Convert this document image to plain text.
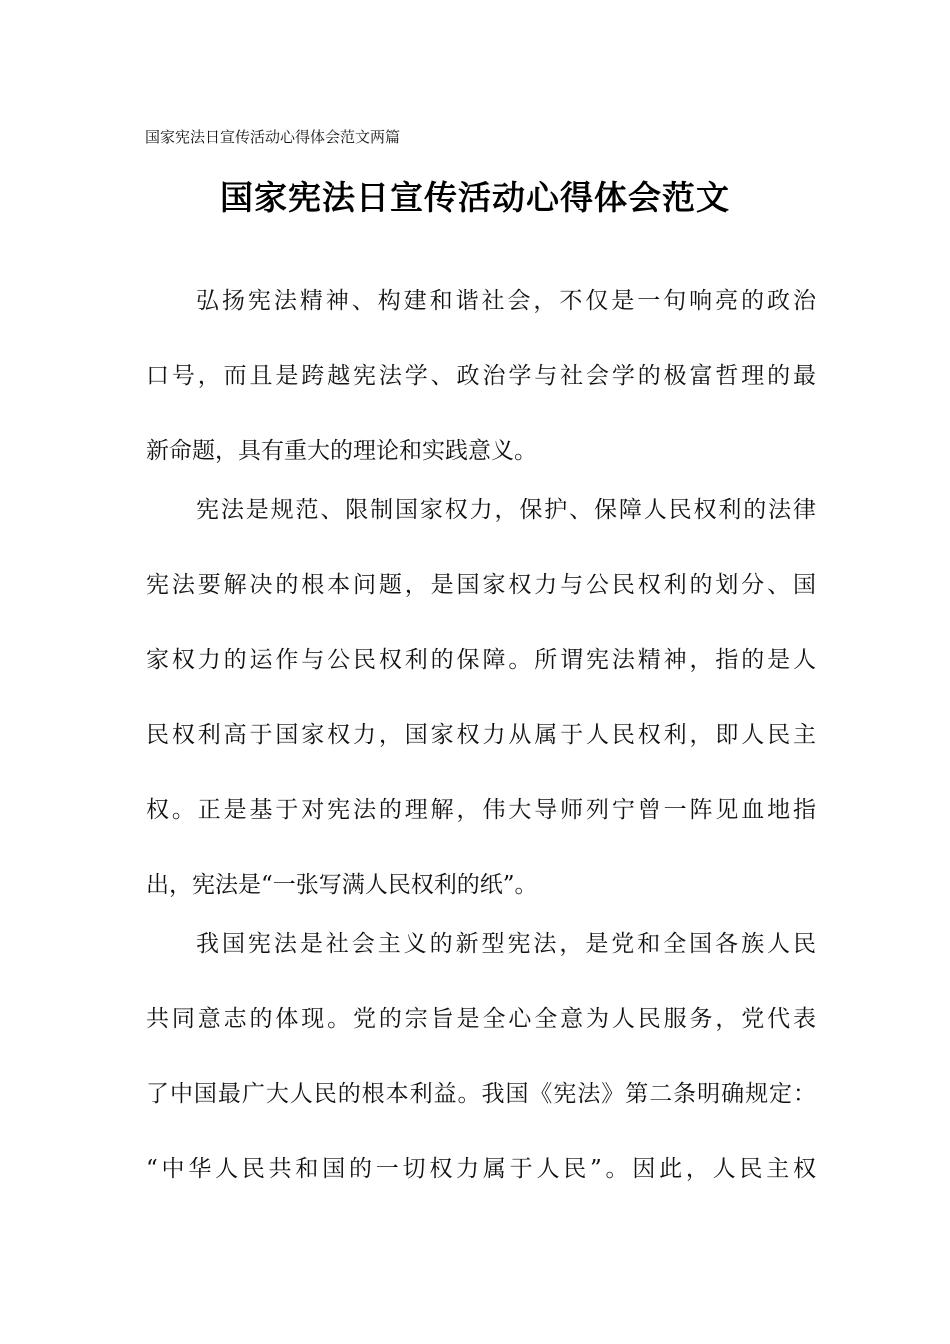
国家宪法日宣传活动心得体会范文两篇
国家宪法日宣传活动心得体会范文
弘扬宪法精神、构建和谐社会，不仅是一句响亮的政治
口号，而且是跨越宪法学、政治学与社会学的极富哲理的最
新命题，具有重大的理论和实践意义。
宪法是规范、限制国家权力，保护、保障人民权利的法律
宪法要解决的根本问题，是国家权力与公民权利的划分、国
家权力的运作与公民权利的保障。所谓宪法精神，指的是人
民权利高于国家权力，国家权力从属于人民权利，即人民主
权。正是基于对宪法的理解，伟大导师列宁曾一阵见血地指
出，宪法是“一张写满人民权利的纸”。
我国宪法是社会主义的新型宪法，是党和全国各族人民
共同意志的体现。党的宗旨是全心全意为人民服务，党代表
了中国最广大人民的根本利益。我国《宪法》第二条明确规定：
“中华人民共和国的一切权力属于人民”。因此，人民主权
